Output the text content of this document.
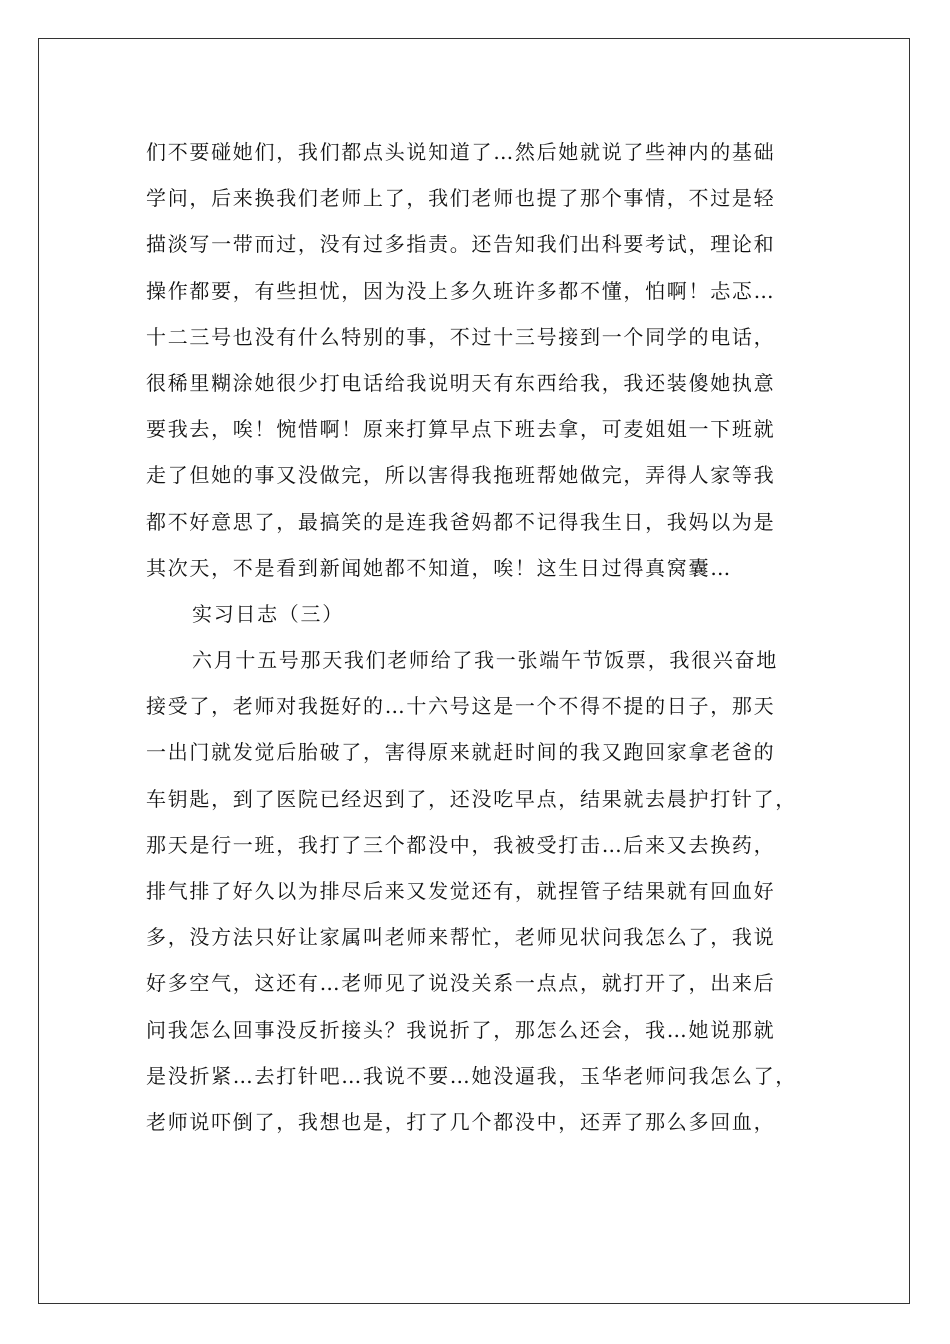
们不要碰她们，我们都点头说知道了…然后她就说了些神内的基础
学问，后来换我们老师上了，我们老师也提了那个事情，不过是轻
描淡写一带而过，没有过多指责。还告知我们出科要考试，理论和
操作都要，有些担忧，因为没上多久班许多都不懂，怕啊！忐忑…
十二三号也没有什么特别的事，不过十三号接到一个同学的电话，
很稀里糊涂她很少打电话给我说明天有东西给我，我还装傻她执意
要我去，唉！惋惜啊！原来打算早点下班去拿，可麦姐姐一下班就
走了但她的事又没做完，所以害得我拖班帮她做完，弄得人家等我
都不好意思了，最搞笑的是连我爸妈都不记得我生日，我妈以为是
其次天，不是看到新闻她都不知道，唉！这生日过得真窝囊…
实习日志（三）
六月十五号那天我们老师给了我一张端午节饭票，我很兴奋地
接受了，老师对我挺好的…十六号这是一个不得不提的日子，那天
一出门就发觉后胎破了，害得原来就赶时间的我又跑回家拿老爸的
车钥匙，到了医院已经迟到了，还没吃早点，结果就去晨护打针了，
那天是行一班，我打了三个都没中，我被受打击…后来又去换药，
排气排了好久以为排尽后来又发觉还有，就捏管子结果就有回血好
多，没方法只好让家属叫老师来帮忙，老师见状问我怎么了，我说
好多空气，这还有…老师见了说没关系一点点，就打开了，出来后
问我怎么回事没反折接头？我说折了，那怎么还会，我…她说那就
是没折紧…去打针吧…我说不要…她没逼我，玉华老师问我怎么了，
老师说吓倒了，我想也是，打了几个都没中，还弄了那么多回血，
